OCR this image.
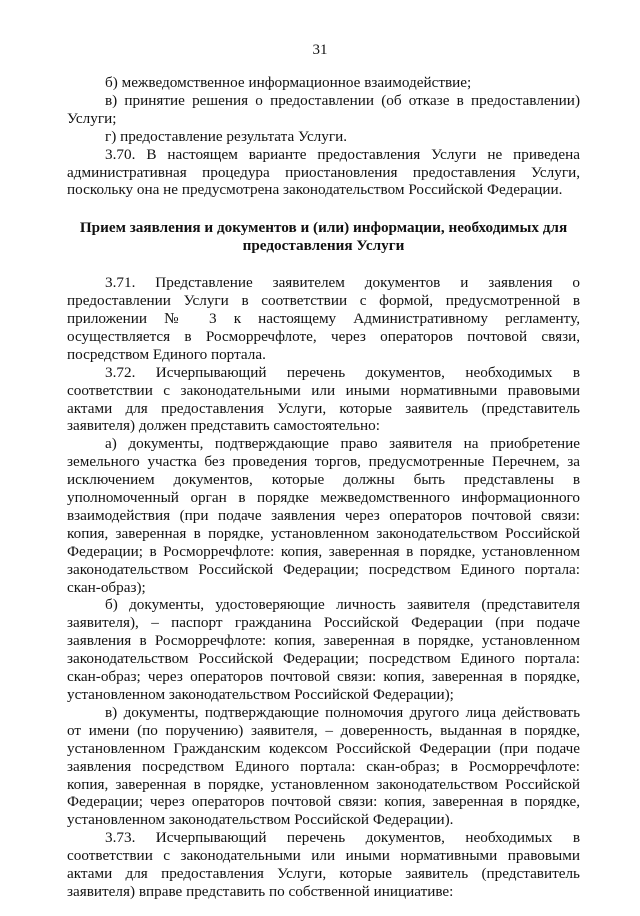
31

б) межведомственное информационное взаимодействие;

в) принятие решения о предоставлении (об отказе в предоставлении) Услуги;

г) предоставление результата Услуги.

3.70. В настоящем варианте предоставления Услуги не приведена административная процедура приостановления предоставления Услуги, поскольку она не предусмотрена законодательством Российской Федерации.

Прием заявления и документов и (или) информации, необходимых для предоставления Услуги

3.71. Представление заявителем документов и заявления о предоставлении Услуги в соответствии с формой, предусмотренной в приложении № 3 к настоящему Административному регламенту, осуществляется в Росморречфлоте, через операторов почтовой связи, посредством Единого портала.

3.72. Исчерпывающий перечень документов, необходимых в соответствии с законодательными или иными нормативными правовыми актами для предоставления Услуги, которые заявитель (представитель заявителя) должен представить самостоятельно:

а) документы, подтверждающие право заявителя на приобретение земельного участка без проведения торгов, предусмотренные Перечнем, за исключением документов, которые должны быть представлены в уполномоченный орган в порядке межведомственного информационного взаимодействия (при подаче заявления через операторов почтовой связи: копия, заверенная в порядке, установленном законодательством Российской Федерации; в Росморречфлоте: копия, заверенная в порядке, установленном законодательством Российской Федерации; посредством Единого портала: скан-образ);

б) документы, удостоверяющие личность заявителя (представителя заявителя), – паспорт гражданина Российской Федерации (при подаче заявления в Росморречфлоте: копия, заверенная в порядке, установленном законодательством Российской Федерации; посредством Единого портала: скан-образ; через операторов почтовой связи: копия, заверенная в порядке, установленном законодательством Российской Федерации);

в) документы, подтверждающие полномочия другого лица действовать от имени (по поручению) заявителя, – доверенность, выданная в порядке, установленном Гражданским кодексом Российской Федерации (при подаче заявления посредством Единого портала: скан-образ; в Росморречфлоте: копия, заверенная в порядке, установленном законодательством Российской Федерации; через операторов почтовой связи: копия, заверенная в порядке, установленном законодательством Российской Федерации).

3.73. Исчерпывающий перечень документов, необходимых в соответствии с законодательными или иными нормативными правовыми актами для предоставления Услуги, которые заявитель (представитель заявителя) вправе представить по собственной инициативе:
